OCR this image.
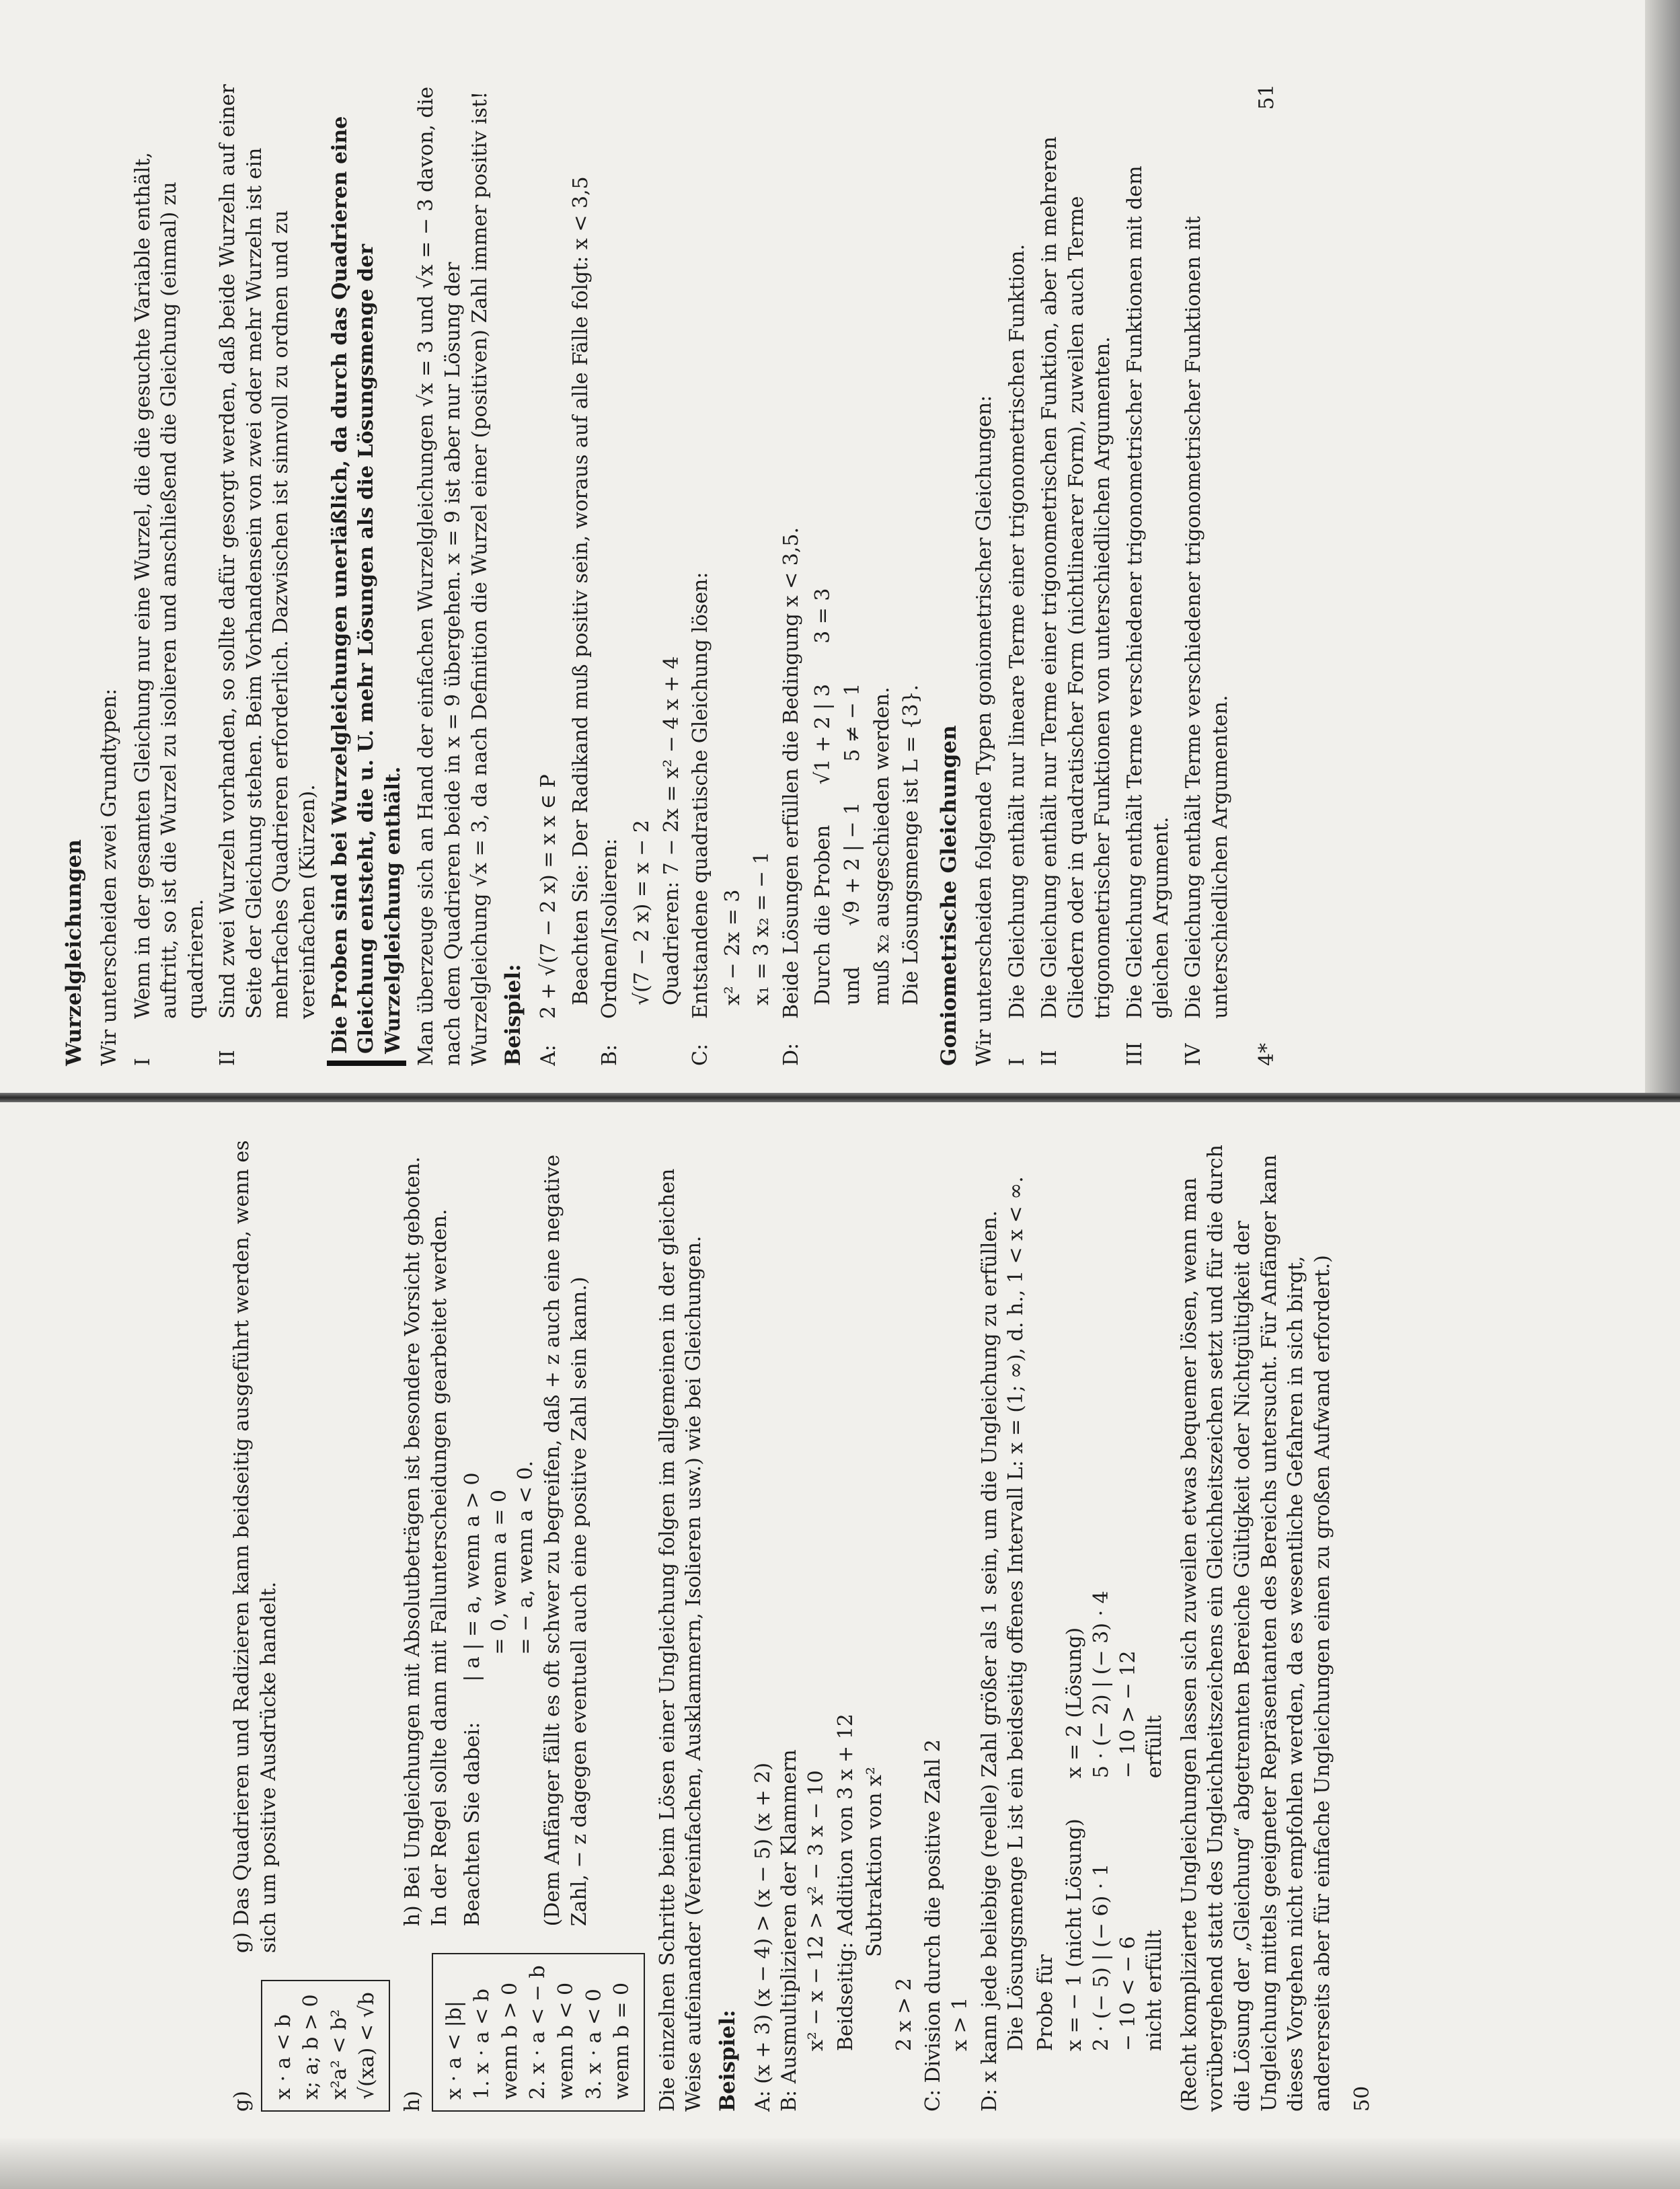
Wurzelgleichungen Wir unterscheiden zwei Grundtypen: I
Wenn in der gesamten Gleichung nur eine Wurzel, die die gesuchte Variable enthält, auftritt, so ist die Wurzel zu isolieren und anschließend die Gleichung (einmal) zu quadrieren.
II
Sind zwei Wurzeln vorhanden, so sollte dafür gesorgt werden, daß beide Wurzeln auf einer Seite der Gleichung stehen. Beim Vorhandensein von zwei oder mehr Wurzeln ist ein mehrfaches Quadrieren erforderlich. Dazwischen ist sinnvoll zu ordnen und zu vereinfachen (Kürzen). Die Proben sind bei Wurzelgleichungen unerläßlich, da durch das Quadrieren eine Gleichung entsteht, die u. U. mehr Lösungen als die Lösungsmenge der Wurzelgleichung enthält. Man überzeuge sich an Hand der einfachen Wurzelgleichungen √x = 3 und √x = − 3 davon, die nach dem Quadrieren beide in x = 9 übergehen. x = 9 ist aber nur Lösung der Wurzelgleichung √x = 3, da nach Definition die Wurzel einer (positiven) Zahl immer positiv ist! Beispiel: A:
2 + √(7 − 2 x) = x x ∈ P Beachten Sie: Der Radikand muß positiv sein, woraus auf alle Fälle folgt: x < 3,5

B:
Ordnen/Isolieren: √(7 − 2 x) = x − 2 Quadrieren: 7 − 2x = x² − 4 x + 4
C:
Entstandene quadratische Gleichung lösen: x² − 2x = 3 x₁ = 3 x₂ = − 1
D:
Beide Lösungen erfüllen die Bedingung x < 3,5. Durch die Proben
√1 + 2 | 3
3 = 3
und
√9 + 2 | − 1
5 ≠ − 1 muß x₂ ausgeschieden werden. Die Lösungsmenge ist L = {3}. Goniometrische Gleichungen Wir unterscheiden folgende Typen goniometrischer Gleichungen: I
Die Gleichung enthält nur lineare Terme einer trigonometrischen Funktion.
II
Die Gleichung enthält nur Terme einer trigonometrischen Funktion, aber in mehreren Gliedern oder in quadratischer Form (nichtlinearer Form), zuweilen auch Terme trigonometrischer Funktionen von unterschiedlichen Argumenten.
III
Die Gleichung enthält Terme verschiedener trigonometrischer Funktionen mit dem gleichen Argument.
IV
Die Gleichung enthält Terme verschiedener trigonometrischer Funktionen mit unterschiedlichen Argumenten.
4*
51
g)
x · a < b x; a; b > 0 x²a² < b² √(xa) < √b

g) Das Quadrieren und Radizieren kann beidseitig ausgeführt werden, wenn es sich um positive Ausdrücke handelt.

h)
x · a < |b| 1. x · a < b wenn b > 0 2. x · a < − b wenn b < 0 3. x · a < 0 wenn b = 0

h) Bei Ungleichungen mit Absolutbeträgen ist besondere Vorsicht geboten. In der Regel sollte dann mit Fallunterscheidungen gearbeitet werden. Beachten Sie dabei:
| a | = a, wenn a > 0 = 0, wenn a = 0 = − a, wenn a < 0. (Dem Anfänger fällt es oft schwer zu begreifen, daß + z auch eine negative Zahl, − z dagegen eventuell auch eine positive Zahl sein kann.)	Die einzelnen Schritte beim Lösen einer Ungleichung folgen im allgemeinen in der gleichen Weise aufeinander (Vereinfachen, Ausklammern, Isolieren usw.) wie bei Gleichungen. Beispiel: A: (x + 3) (x − 4) > (x − 5) (x + 2) B: Ausmultiplizieren der Klammern x² − x − 12 > x² − 3 x − 10 Beidseitig: Addition von 3 x + 12 Subtraktion von x²
2 x > 2 C: Division durch die positive Zahl 2 x > 1 D: x kann jede beliebige (reelle) Zahl größer als 1 sein, um die Ungleichung zu erfüllen. Die Lösungsmenge L ist ein beidseitig offenes Intervall L: x = (1; ∞), d. h., 1 < x < ∞. Probe für x = − 1 (nicht Lösung) 2 · (− 5) | (− 6) · 1 − 10 < − 6 nicht erfüllt
x = 2 (Lösung) 5 · (− 2) | (− 3) · 4 − 10 > − 12 erfüllt (Recht komplizierte Ungleichungen lassen sich zuweilen etwas bequemer lösen, wenn man vorübergehend statt des Ungleichheitszeichens ein Gleichheitszeichen setzt und für die durch die Lösung der „Gleichung“ abgetrennten Bereiche Gültigkeit oder Nichtgültigkeit der Ungleichung mittels geeigneter Repräsentanten des Bereichs untersucht. Für Anfänger kann dieses Vorgehen nicht empfohlen werden, da es wesentliche Gefahren in sich birgt, andererseits aber für einfache Ungleichungen einen zu großen Aufwand erfordert.) 50
